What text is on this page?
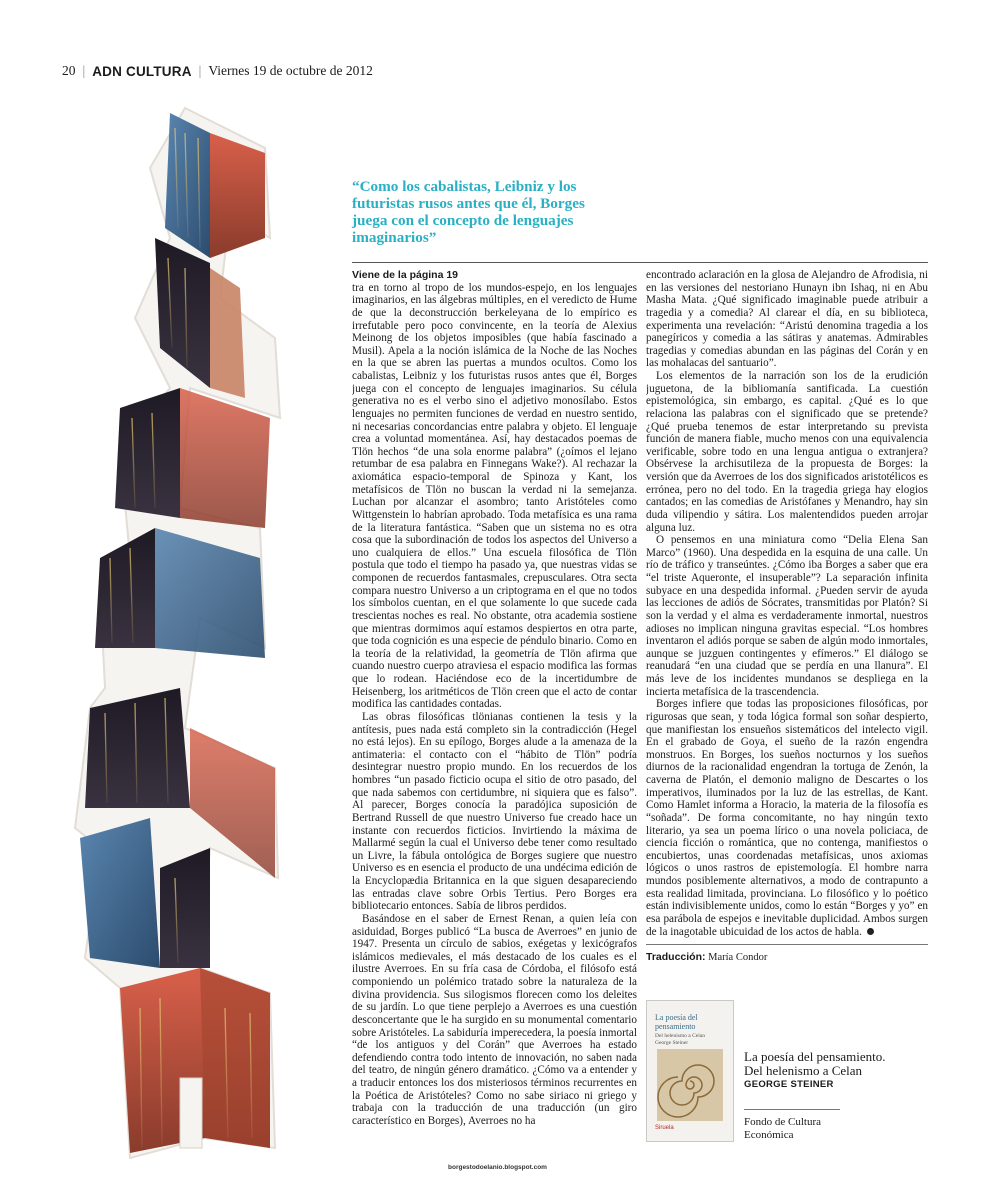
20 | ADN CULTURA | Viernes 19 de octubre de 2012
“Como los cabalistas, Leibniz y los futuristas rusos antes que él, Borges juega con el concepto de lenguajes imaginarios”
Viene de la página 19

tra en torno al tropo de los mundos-espejo, en los lenguajes imaginarios, en las álgebras múltiples, en el veredicto de Hume de que la deconstrucción berkeleyana de lo empírico es irrefutable pero poco convincente, en la teoría de Alexius Meinong de los objetos imposibles (que había fascinado a Musil). Apela a la noción islámica de la Noche de las Noches en la que se abren las puertas a mundos ocultos. Como los cabalistas, Leibniz y los futuristas rusos antes que él, Borges juega con el concepto de lenguajes imaginarios. Su célula generativa no es el verbo sino el adjetivo monosílabo. Estos lenguajes no permiten funciones de verdad en nuestro sentido, ni necesarias concordancias entre palabra y objeto. El lenguaje crea a voluntad momentánea. Así, hay destacados poemas de Tlön hechos “de una sola enorme palabra” (¿oímos el lejano retumbar de esa palabra en Finnegans Wake?). Al rechazar la axiomática espacio-temporal de Spinoza y Kant, los metafísicos de Tlön no buscan la verdad ni la semejanza. Luchan por alcanzar el asombro; tanto Aristóteles como Wittgenstein lo habrían aprobado. Toda metafísica es una rama de la literatura fantástica. “Saben que un sistema no es otra cosa que la subordinación de todos los aspectos del Universo a uno cualquiera de ellos.” Una escuela filosófica de Tlön postula que todo el tiempo ha pasado ya, que nuestras vidas se componen de recuerdos fantasmales, crepusculares. Otra secta compara nuestro Universo a un criptograma en el que no todos los símbolos cuentan, en el que solamente lo que sucede cada trescientas noches es real. No obstante, otra academia sostiene que mientras dormimos aquí estamos despiertos en otra parte, que toda cognición es una especie de péndulo binario. Como en la teoría de la relatividad, la geometría de Tlön afirma que cuando nuestro cuerpo atraviesa el espacio modifica las formas que lo rodean. Haciéndose eco de la incertidumbre de Heisenberg, los aritméticos de Tlön creen que el acto de contar modifica las cantidades contadas.

Las obras filosóficas tlönianas contienen la tesis y la antítesis, pues nada está completo sin la contradicción (Hegel no está lejos). En su epílogo, Borges alude a la amenaza de la antimateria: el contacto con el “hábito de Tlön” podría desintegrar nuestro propio mundo. En los recuerdos de los hombres “un pasado ficticio ocupa el sitio de otro pasado, del que nada sabemos con certidumbre, ni siquiera que es falso”. Al parecer, Borges conocía la paradójica suposición de Bertrand Russell de que nuestro Universo fue creado hace un instante con recuerdos ficticios. Invirtiendo la máxima de Mallarmé según la cual el Universo debe tener como resultado un Livre, la fábula ontológica de Borges sugiere que nuestro Universo es en esencia el producto de una undécima edición de la Encyclopædia Britannica en la que siguen desapareciendo las entradas clave sobre Orbis Tertius. Pero Borges era bibliotecario entonces. Sabía de libros perdidos.

Basándose en el saber de Ernest Renan, a quien leía con asiduidad, Borges publicó “La busca de Averroes” en junio de 1947. Presenta un círculo de sabios, exégetas y lexicógrafos islámicos medievales, el más destacado de los cuales es el ilustre Averroes. En su fría casa de Córdoba, el filósofo está componiendo un polémico tratado sobre la naturaleza de la divina providencia. Sus silogismos florecen como los deleites de su jardín. Lo que tiene perplejo a Averroes es una cuestión desconcertante que le ha surgido en su monumental comentario sobre Aristóteles. La sabiduría imperecedera, la poesía inmortal “de los antiguos y del Corán” que Averroes ha estado defendiendo contra todo intento de innovación, no saben nada del teatro, de ningún género dramático. ¿Cómo va a entender y a traducir entonces los dos misteriosos términos recurrentes en la Poética de Aristóteles? Como no sabe siriaco ni griego y trabaja con la traducción de una traducción (un giro característico en Borges), Averroes no ha

encontrado aclaración en la glosa de Alejandro de Afrodisia, ni en las versiones del nestoriano Hunayn ibn Ishaq, ni en Abu Masha Mata. ¿Qué significado imaginable puede atribuir a tragedia y a comedia? Al clarear el día, en su biblioteca, experimenta una revelación: “Aristú denomina tragedia a los panegíricos y comedia a las sátiras y anatemas. Admirables tragedias y comedias abundan en las páginas del Corán y en las mohalacas del santuario”.

Los elementos de la narración son los de la erudición juguetona, de la bibliomanía santificada. La cuestión epistemológica, sin embargo, es capital. ¿Qué es lo que relaciona las palabras con el significado que se pretende? ¿Qué prueba tenemos de estar interpretando su prevista función de manera fiable, mucho menos con una equivalencia verificable, sobre todo en una lengua antigua o extranjera? Obsérvese la archisutileza de la propuesta de Borges: la versión que da Averroes de los dos significados aristotélicos es errónea, pero no del todo. En la tragedia griega hay elogios cantados; en las comedias de Aristófanes y Menandro, hay sin duda vilipendio y sátira. Los malentendidos pueden arrojar alguna luz.

O pensemos en una miniatura como “Delia Elena San Marco” (1960). Una despedida en la esquina de una calle. Un río de tráfico y transeúntes. ¿Cómo iba Borges a saber que era “el triste Aqueronte, el insuperable”? La separación infinita subyace en una despedida informal. ¿Pueden servir de ayuda las lecciones de adiós de Sócrates, transmitidas por Platón? Si son la verdad y el alma es verdaderamente inmortal, nuestros adioses no implican ninguna gravitas especial. “Los hombres inventaron el adiós porque se saben de algún modo inmortales, aunque se juzguen contingentes y efímeros.” El diálogo se reanudará “en una ciudad que se perdía en una llanura”. El más leve de los incidentes mundanos se despliega en la incierta metafísica de la trascendencia.

Borges infiere que todas las proposiciones filosóficas, por rigurosas que sean, y toda lógica formal son soñar despierto, que manifiestan los ensueños sistemáticos del intelecto vigil. En el grabado de Goya, el sueño de la razón engendra monstruos. En Borges, los sueños nocturnos y los sueños diurnos de la racionalidad engendran la tortuga de Zenón, la caverna de Platón, el demonio maligno de Descartes o los imperativos, iluminados por la luz de las estrellas, de Kant. Como Hamlet informa a Horacio, la materia de la filosofía es “soñada”. De forma concomitante, no hay ningún texto literario, ya sea un poema lírico o una novela policiaca, de ciencia ficción o romántica, que no contenga, manifiestos o encubiertos, unas coordenadas metafísicas, unos axiomas lógicos o unos rastros de epistemología. El hombre narra mundos posiblemente alternativos, a modo de contrapunto a esta realidad limitada, provinciana. Lo filosófico y lo poético están indivisiblemente unidos, como lo están “Borges y yo” en esa parábola de espejos e inevitable duplicidad. Ambos surgen de la inagotable ubicuidad de los actos de habla.

Traducción: María Condor
La poesía del pensamiento
Del helenismo a Celan
George Steiner
Siruela
La poesía del pensamiento. Del helenismo a Celan
GEORGE STEINER
Fondo de Cultura Económica
borgestodoelanio.blogspot.com
